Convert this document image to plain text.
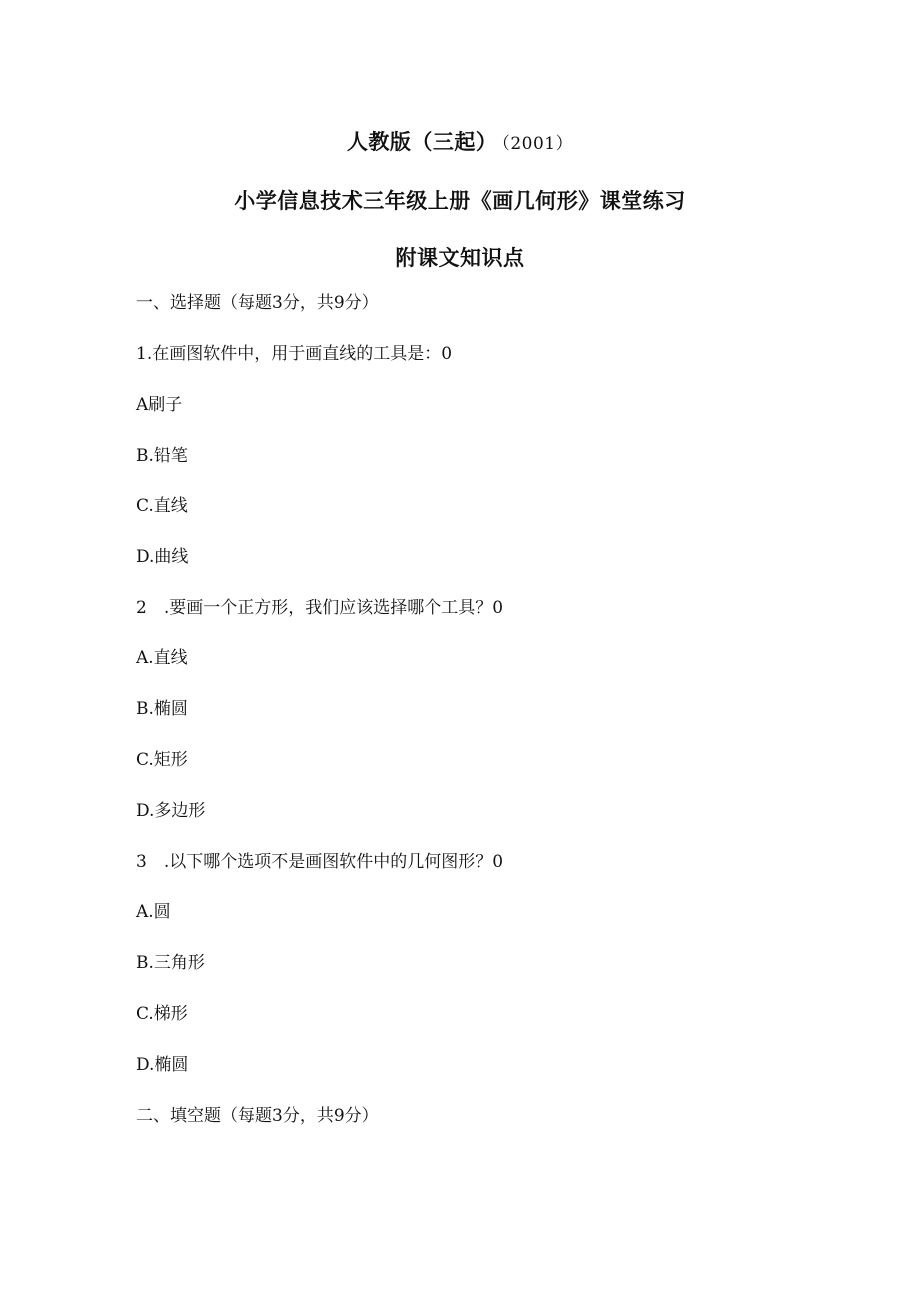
人教版（三起） （2001）
小学信息技术三年级上册《画几何形》课堂练习
附课文知识点
一、选择题（每题3分，共9分）
1.在画图软件中，用于画直线的工具是：0
A刷子
B.铅笔
C.直线
D.曲线
2　.要画一个正方形，我们应该选择哪个工具？0
A.直线
B.椭圆
C.矩形
D.多边形
3　.以下哪个选项不是画图软件中的几何图形？0
A.圆
B.三角形
C.梯形
D.椭圆
二、填空题（每题3分，共9分）
